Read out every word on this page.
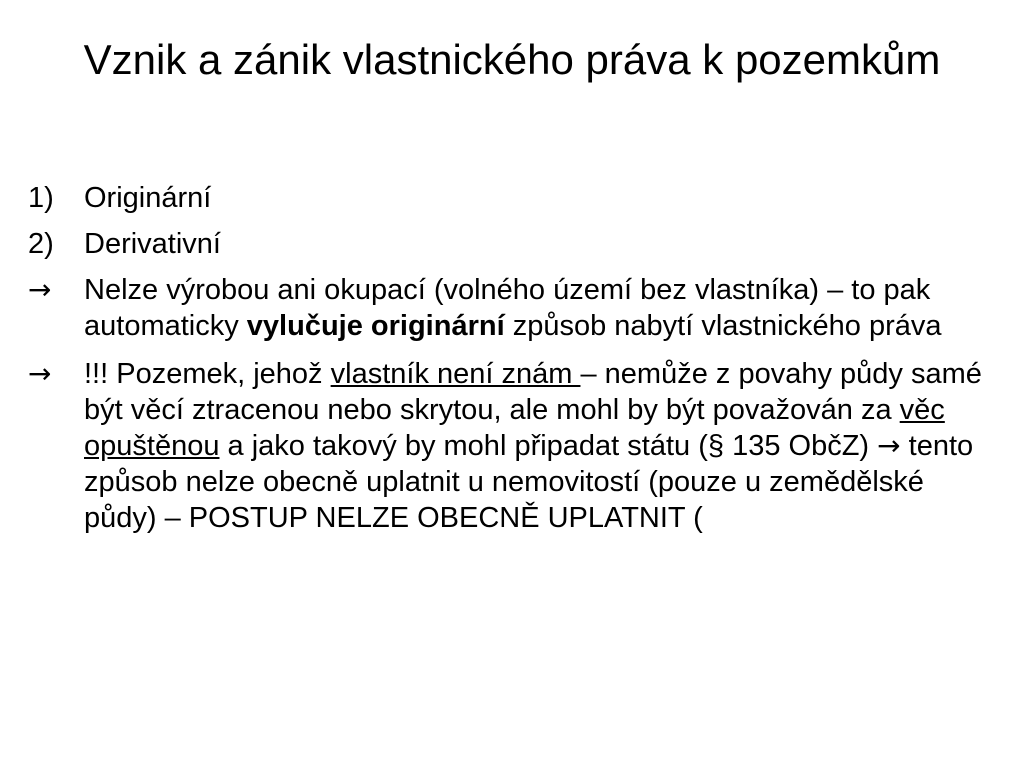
Vznik a zánik vlastnického práva k pozemkům
1)	Originární
2)	Derivativní
→	Nelze výrobou ani okupací (volného území bez vlastníka) – to pak automaticky vylučuje originární způsob nabytí vlastnického práva
→	!!! Pozemek, jehož vlastník není znám – nemůže z povahy půdy samé být věcí ztracenou nebo skrytou, ale mohl by být považován za věc opuštěnou a jako takový by mohl připadat státu (§ 135 ObčZ) → tento způsob nelze obecně uplatnit u nemovitostí (pouze u zemědělské půdy) – POSTUP NELZE OBECNĚ UPLATNIT (
